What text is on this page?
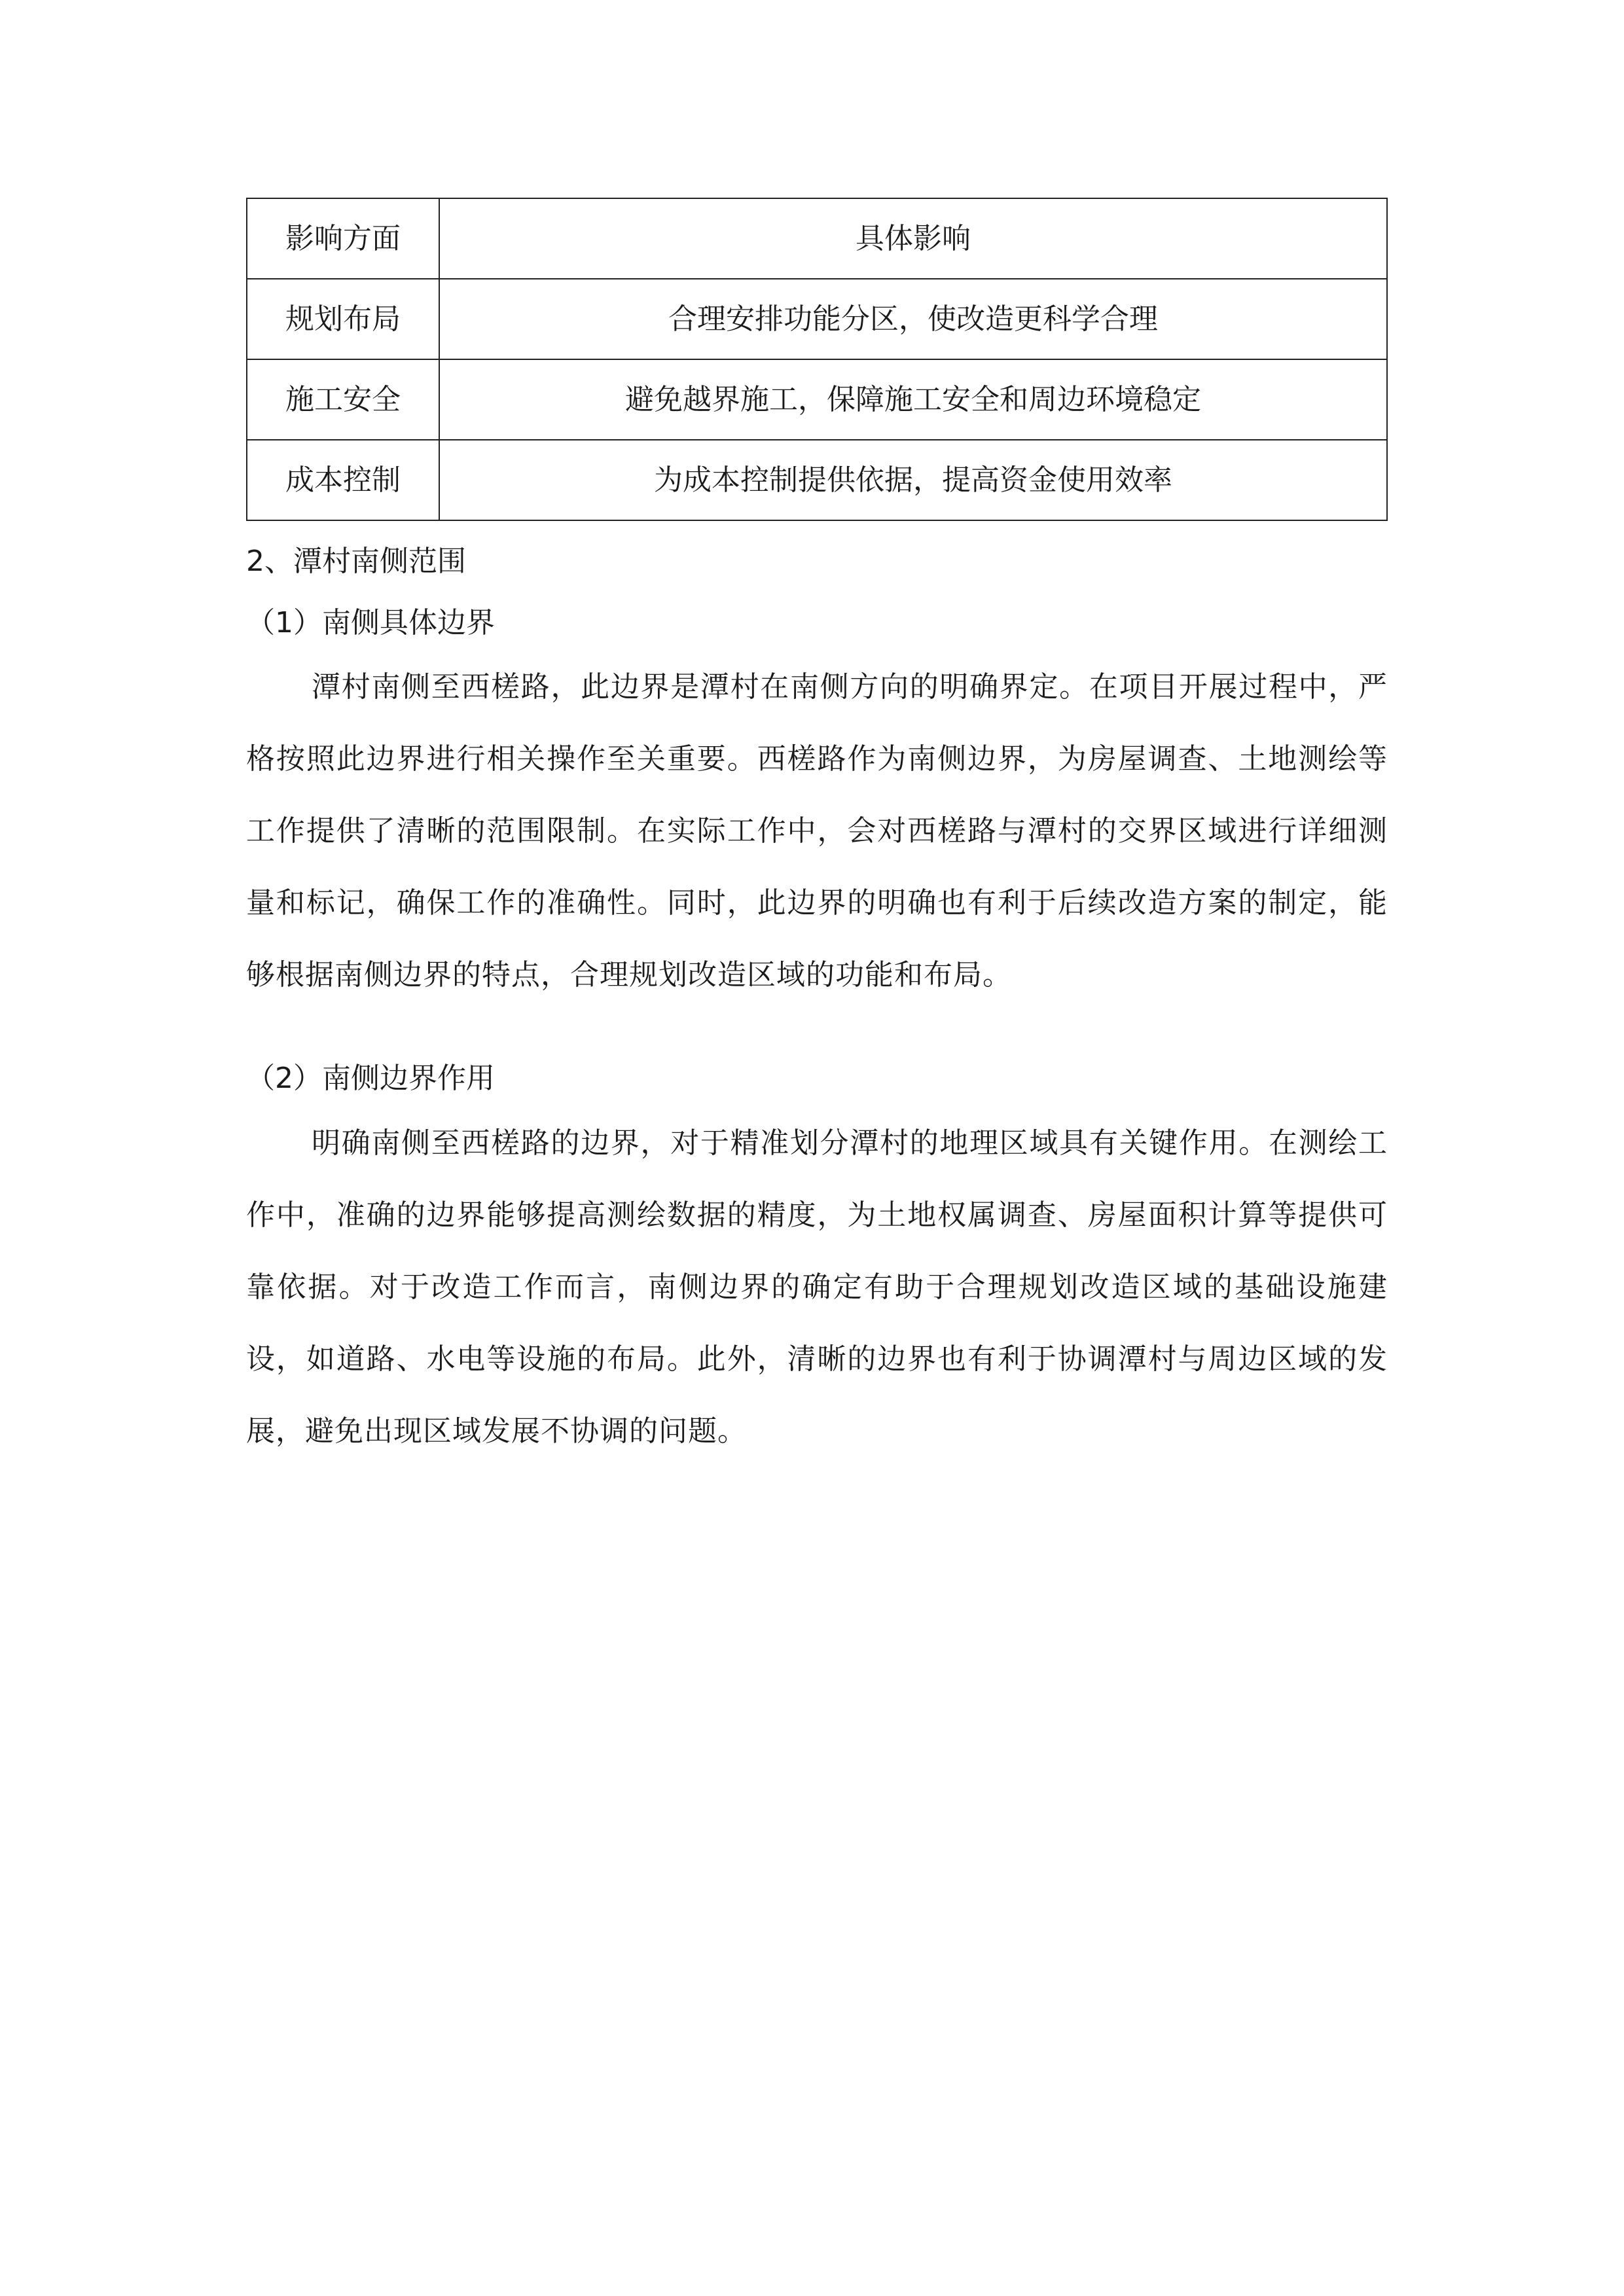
影响方面	具体影响
规划布局	合理安排功能分区，使改造更科学合理
施工安全	避免越界施工，保障施工安全和周边环境稳定
成本控制	为成本控制提供依据，提高资金使用效率
2、潭村南侧范围
（1）南侧具体边界
潭村南侧至西槎路，此边界是潭村在南侧方向的明确界定。在项目开展过程中，严格按照此边界进行相关操作至关重要。西槎路作为南侧边界，为房屋调查、土地测绘等工作提供了清晰的范围限制。在实际工作中，会对西槎路与潭村的交界区域进行详细测量和标记，确保工作的准确性。同时，此边界的明确也有利于后续改造方案的制定，能够根据南侧边界的特点，合理规划改造区域的功能和布局。
（2）南侧边界作用
明确南侧至西槎路的边界，对于精准划分潭村的地理区域具有关键作用。在测绘工作中，准确的边界能够提高测绘数据的精度，为土地权属调查、房屋面积计算等提供可靠依据。对于改造工作而言，南侧边界的确定有助于合理规划改造区域的基础设施建设，如道路、水电等设施的布局。此外，清晰的边界也有利于协调潭村与周边区域的发展，避免出现区域发展不协调的问题。
